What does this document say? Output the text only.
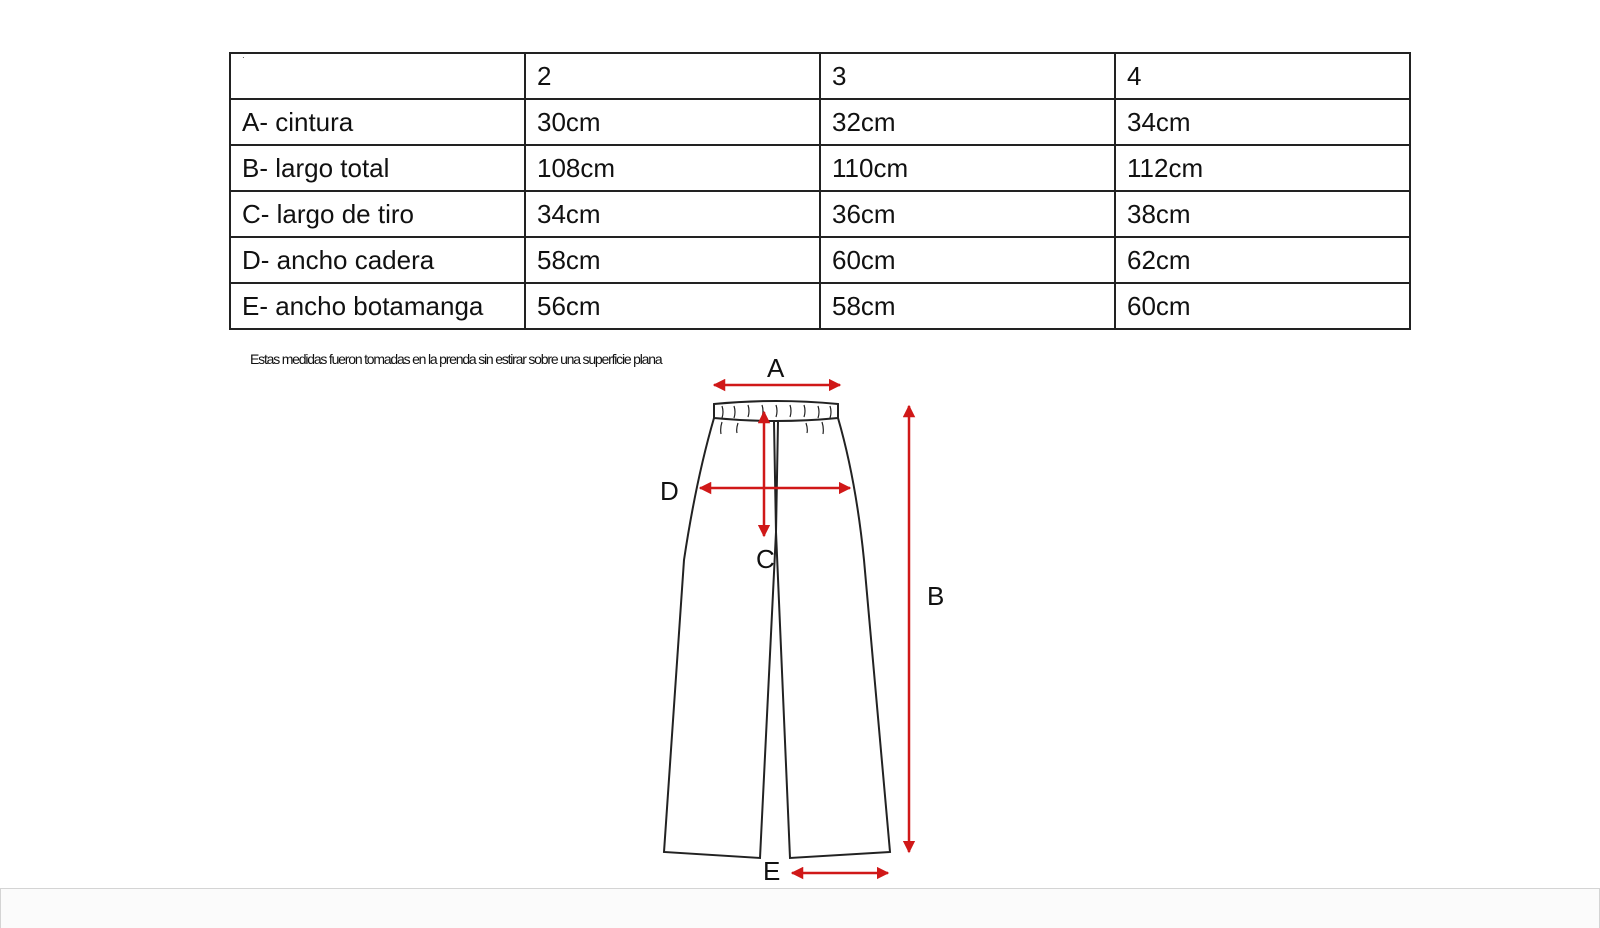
·	2	3	4
A- cintura	30cm	32cm	34cm
B- largo total	108cm	110cm	112cm
C- largo de tiro	34cm	36cm	38cm
D- ancho cadera	58cm	60cm	62cm
E- ancho botamanga	56cm	58cm	60cm
Estas medidas fueron tomadas en la prenda sin estirar sobre una superficie plana	A
B
C
D
E
